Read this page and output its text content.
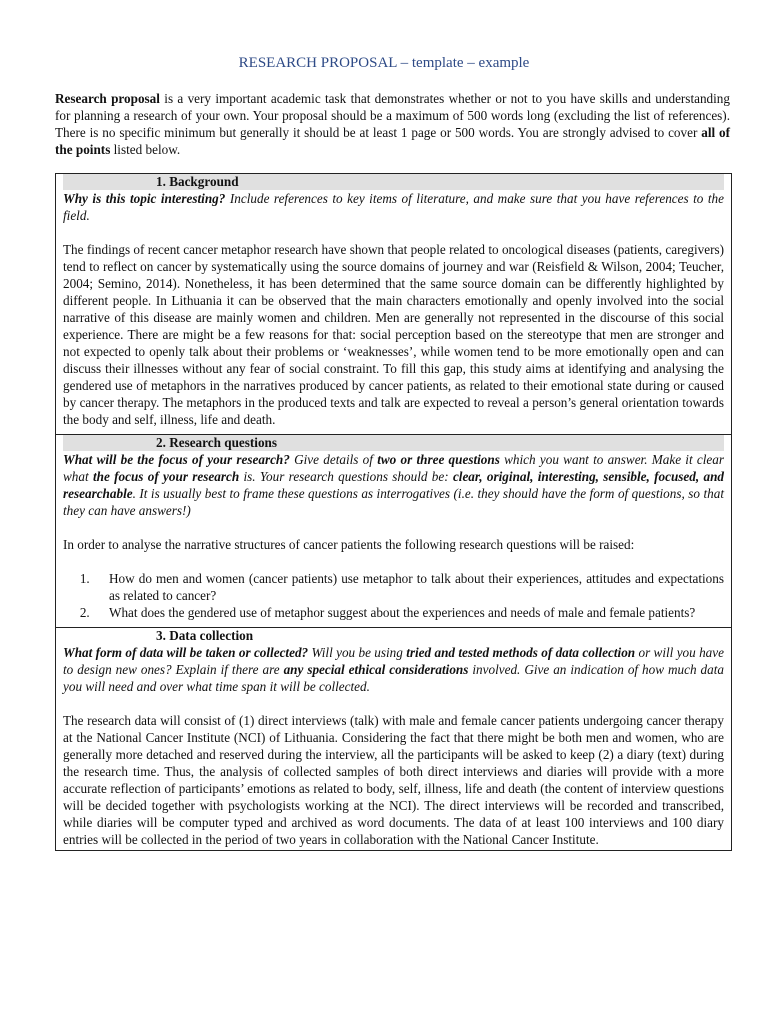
RESEARCH PROPOSAL – template – example
Research proposal is a very important academic task that demonstrates whether or not to you have skills and understanding for planning a research of your own. Your proposal should be a maximum of 500 words long (excluding the list of references). There is no specific minimum but generally it should be at least 1 page or 500 words. You are strongly advised to cover all of the points listed below.
1. Background

Why is this topic interesting? Include references to key items of literature, and make sure that you have references to the field.

The findings of recent cancer metaphor research have shown that people related to oncological diseases (patients, caregivers) tend to reflect on cancer by systematically using the source domains of journey and war (Reisfield & Wilson, 2004; Teucher, 2004; Semino, 2014). Nonetheless, it has been determined that the same source domain can be differently highlighted by different people. In Lithuania it can be observed that the main characters emotionally and openly involved into the social narrative of this disease are mainly women and children. Men are generally not represented in the discourse of this social experience. There are might be a few reasons for that: social perception based on the stereotype that men are stronger and not expected to openly talk about their problems or ‘weaknesses’, while women tend to be more emotionally open and can discuss their illnesses without any fear of social constraint. To fill this gap, this study aims at identifying and analysing the gendered use of metaphors in the narratives produced by cancer patients, as related to their emotional state during or caused by cancer therapy. The metaphors in the produced texts and talk are expected to reveal a person’s general orientation towards the body and self, illness, life and death.

2. Research questions

What will be the focus of your research? Give details of two or three questions which you want to answer. Make it clear what the focus of your research is. Your research questions should be: clear, original, interesting, sensible, focused, and researchable. It is usually best to frame these questions as interrogatives (i.e. they should have the form of questions, so that they can have answers!)

In order to analyse the narrative structures of cancer patients the following research questions will be raised:

1. How do men and women (cancer patients) use metaphor to talk about their experiences, attitudes and expectations as related to cancer?
2. What does the gendered use of metaphor suggest about the experiences and needs of male and female patients?

3. Data collection

What form of data will be taken or collected? Will you be using tried and tested methods of data collection or will you have to design new ones? Explain if there are any special ethical considerations involved. Give an indication of how much data you will need and over what time span it will be collected.

The research data will consist of (1) direct interviews (talk) with male and female cancer patients undergoing cancer therapy at the National Cancer Institute (NCI) of Lithuania. Considering the fact that there might be both men and women, who are generally more detached and reserved during the interview, all the participants will be asked to keep (2) a diary (text) during the research time. Thus, the analysis of collected samples of both direct interviews and diaries will provide with a more accurate reflection of participants’ emotions as related to body, self, illness, life and death (the content of interview questions will be decided together with psychologists working at the NCI). The direct interviews will be recorded and transcribed, while diaries will be computer typed and archived as word documents. The data of at least 100 interviews and 100 diary entries will be collected in the period of two years in collaboration with the National Cancer Institute.
